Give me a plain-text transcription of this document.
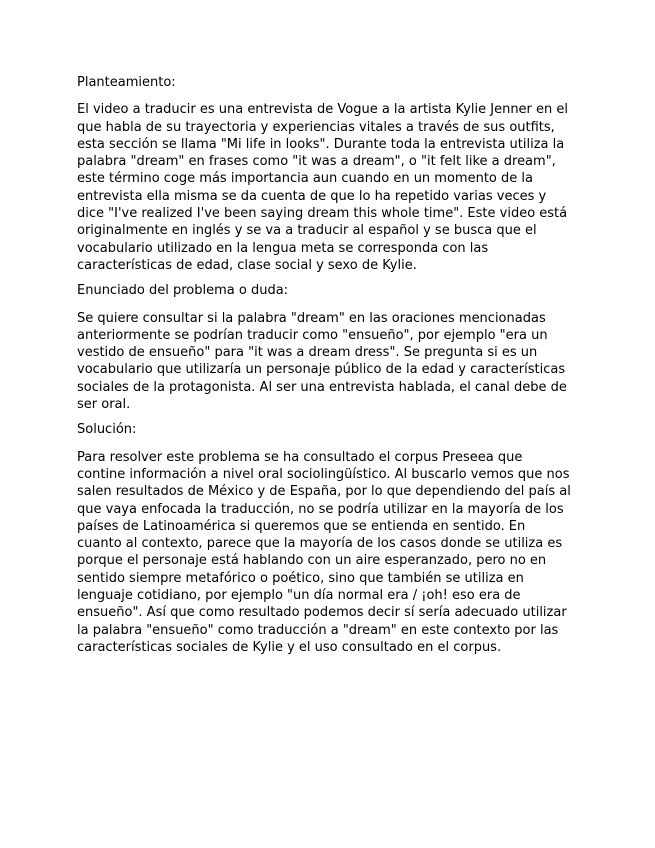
Planteamiento:
El video a traducir es una entrevista de Vogue a la artista Kylie Jenner en el que habla de su trayectoria y experiencias vitales a través de sus outfits, esta sección se llama "Mi life in looks". Durante toda la entrevista utiliza la palabra "dream" en frases como "it was a dream", o "it felt like a dream", este término coge más importancia aun cuando en un momento de la entrevista ella misma se da cuenta de que lo ha repetido varias veces y dice "I've realized I've been saying dream this whole time". Este video está originalmente en inglés y se va a traducir al español y se busca que el vocabulario utilizado en la lengua meta se corresponda con las características de edad, clase social y sexo de Kylie.
Enunciado del problema o duda:
Se quiere consultar si la palabra "dream" en las oraciones mencionadas anteriormente se podrían traducir como "ensueño", por ejemplo "era un vestido de ensueño" para "it was a dream dress". Se pregunta si es un vocabulario que utilizaría un personaje público de la edad y características sociales de la protagonista. Al ser una entrevista hablada, el canal debe de ser oral.
Solución:
Para resolver este problema se ha consultado el corpus Preseea que contine información a nivel oral sociolingüístico. Al buscarlo vemos que nos salen resultados de México y de España, por lo que dependiendo del país al que vaya enfocada la traducción, no se podría utilizar en la mayoría de los países de Latinoamérica si queremos que se entienda en sentido. En cuanto al contexto, parece que la mayoría de los casos donde se utiliza es porque el personaje está hablando con un aire esperanzado, pero no en sentido siempre metafórico o poético, sino que también se utiliza en lenguaje cotidiano, por ejemplo "un día normal era / ¡oh! eso era de ensueño". Así que como resultado podemos decir sí sería adecuado utilizar la palabra "ensueño" como traducción a "dream" en este contexto por las características sociales de Kylie y el uso consultado en el corpus.
